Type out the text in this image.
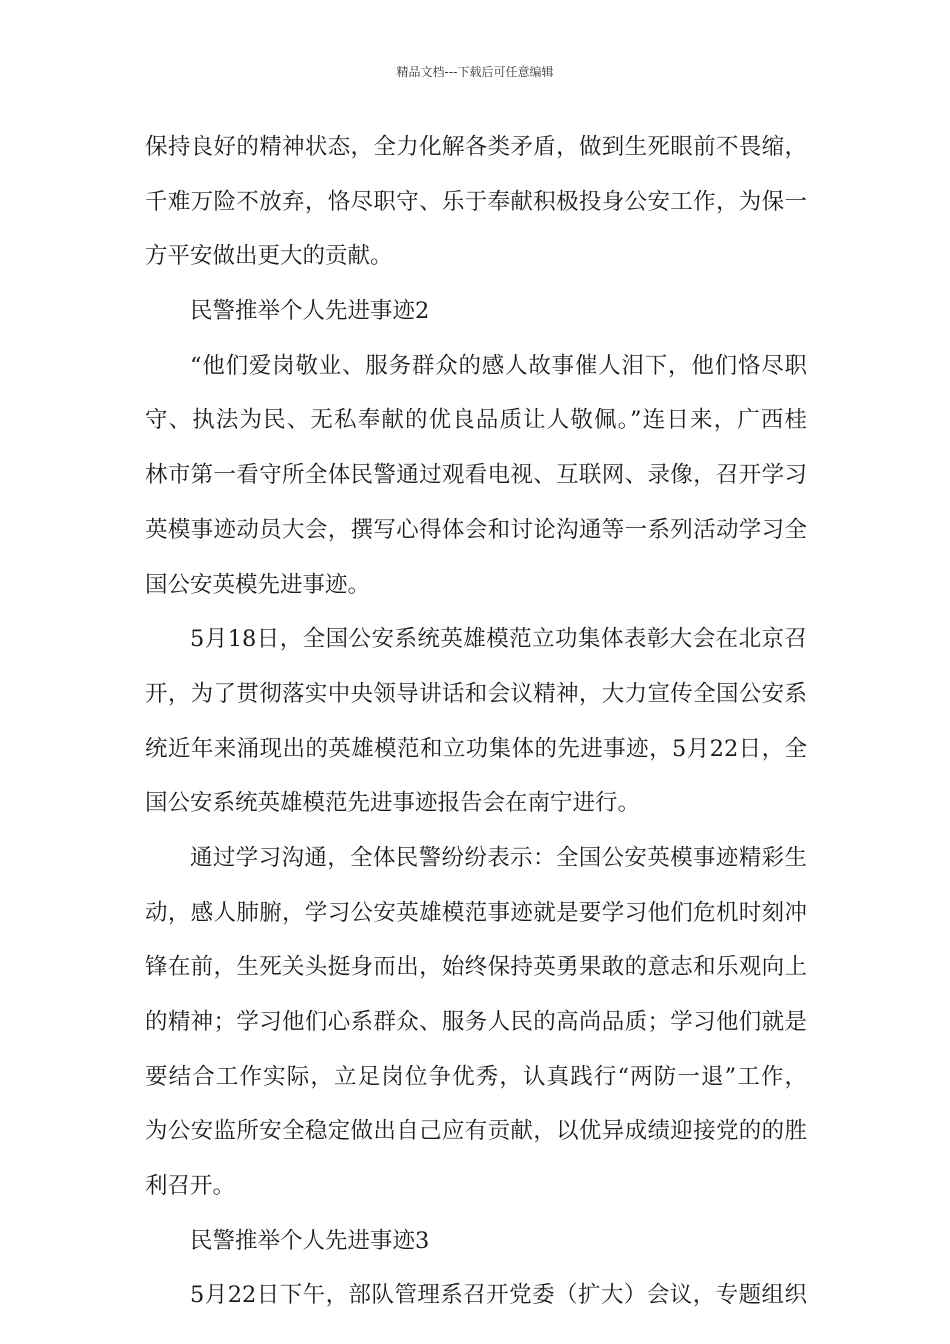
精品文档---下载后可任意编辑
保持良好的精神状态，全力化解各类矛盾，做到生死眼前不畏缩，
千难万险不放弃，恪尽职守、乐于奉献积极投身公安工作，为保一
方平安做出更大的贡献。
民警推举个人先进事迹2
“他们爱岗敬业、服务群众的感人故事催人泪下，他们恪尽职
守、执法为民、无私奉献的优良品质让人敬佩。”连日来，广西桂
林市第一看守所全体民警通过观看电视、互联网、录像，召开学习
英模事迹动员大会，撰写心得体会和讨论沟通等一系列活动学习全
国公安英模先进事迹。
5月18日，全国公安系统英雄模范立功集体表彰大会在北京召
开，为了贯彻落实中央领导讲话和会议精神，大力宣传全国公安系
统近年来涌现出的英雄模范和立功集体的先进事迹，5月22日，全
国公安系统英雄模范先进事迹报告会在南宁进行。
通过学习沟通，全体民警纷纷表示：全国公安英模事迹精彩生
动，感人肺腑，学习公安英雄模范事迹就是要学习他们危机时刻冲
锋在前，生死关头挺身而出，始终保持英勇果敢的意志和乐观向上
的精神；学习他们心系群众、服务人民的高尚品质；学习他们就是
要结合工作实际，立足岗位争优秀，认真践行“两防一退”工作，
为公安监所安全稳定做出自己应有贡献，以优异成绩迎接党的的胜
利召开。
民警推举个人先进事迹3
5月22日下午，部队管理系召开党委（扩大）会议，专题组织
